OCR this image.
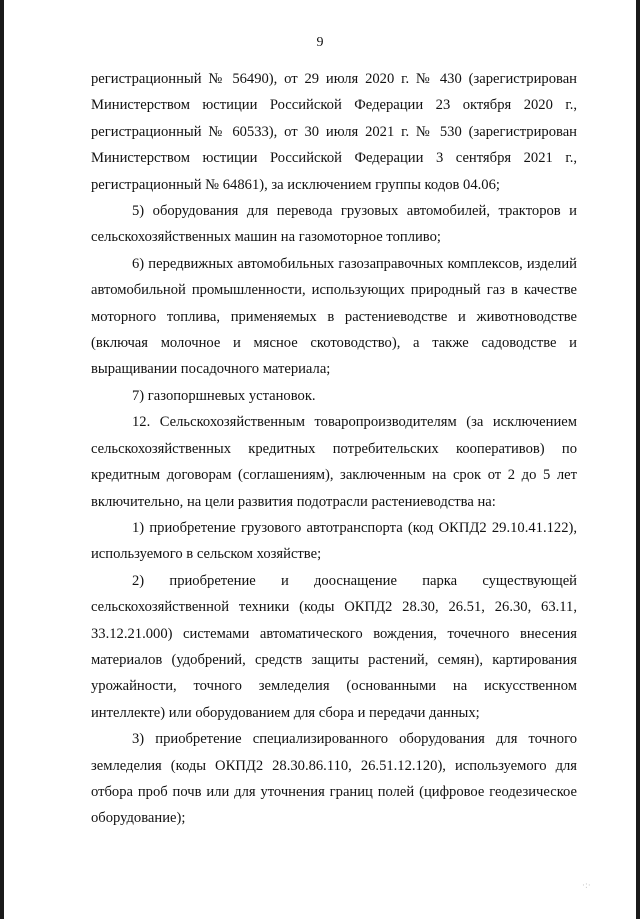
9

регистрационный № 56490), от 29 июля 2020 г. № 430 (зарегистрирован Министерством юстиции Российской Федерации 23 октября 2020 г., регистрационный № 60533), от 30 июля 2021 г. № 530 (зарегистрирован Министерством юстиции Российской Федерации 3 сентября 2021 г., регистрационный № 64861), за исключением группы кодов 04.06;

5) оборудования для перевода грузовых автомобилей, тракторов и сельскохозяйственных машин на газомоторное топливо;

6) передвижных автомобильных газозаправочных комплексов, изделий автомобильной промышленности, использующих природный газ в качестве моторного топлива, применяемых в растениеводстве и животноводстве (включая молочное и мясное скотоводство), а также садоводстве и выращивании посадочного материала;

7) газопоршневых установок.

12. Сельскохозяйственным товаропроизводителям (за исключением сельскохозяйственных кредитных потребительских кооперативов) по кредитным договорам (соглашениям), заключенным на срок от 2 до 5 лет включительно, на цели развития подотрасли растениеводства на:

1) приобретение грузового автотранспорта (код ОКПД2 29.10.41.122), используемого в сельском хозяйстве;

2) приобретение и дооснащение парка существующей сельскохозяйственной техники (коды ОКПД2 28.30, 26.51, 26.30, 63.11, 33.12.21.000) системами автоматического вождения, точечного внесения материалов (удобрений, средств защиты растений, семян), картирования урожайности, точного земледелия (основанными на искусственном интеллекте) или оборудованием для сбора и передачи данных;

3) приобретение специализированного оборудования для точного земледелия (коды ОКПД2 28.30.86.110, 26.51.12.120), используемого для отбора проб почв или для уточнения границ полей (цифровое геодезическое оборудование);

·:·
